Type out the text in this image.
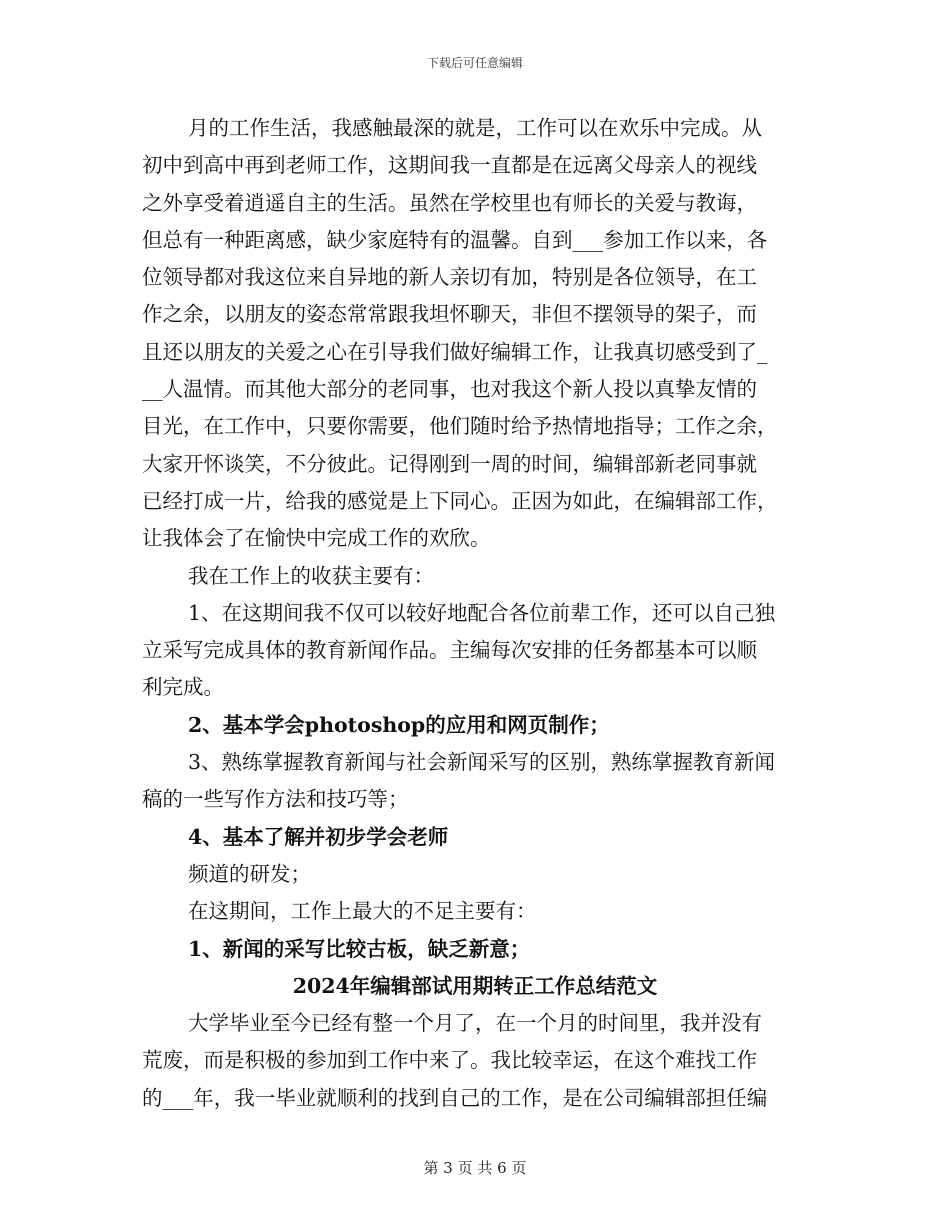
下载后可任意编辑
月的工作生活，我感触最深的就是，工作可以在欢乐中完成。从
初中到高中再到老师工作，这期间我一直都是在远离父母亲人的视线
之外享受着逍遥自主的生活。虽然在学校里也有师长的关爱与教诲，
但总有一种距离感，缺少家庭特有的温馨。自到___参加工作以来，各
位领导都对我这位来自异地的新人亲切有加，特别是各位领导，在工
作之余，以朋友的姿态常常跟我坦怀聊天，非但不摆领导的架子，而
且还以朋友的关爱之心在引导我们做好编辑工作，让我真切感受到了_
__人温情。而其他大部分的老同事，也对我这个新人投以真挚友情的
目光，在工作中，只要你需要，他们随时给予热情地指导；工作之余，
大家开怀谈笑，不分彼此。记得刚到一周的时间，编辑部新老同事就
已经打成一片，给我的感觉是上下同心。正因为如此，在编辑部工作，
让我体会了在愉快中完成工作的欢欣。
我在工作上的收获主要有：
1、在这期间我不仅可以较好地配合各位前辈工作，还可以自己独
立采写完成具体的教育新闻作品。主编每次安排的任务都基本可以顺
利完成。
2、基本学会photoshop的应用和网页制作；
3、熟练掌握教育新闻与社会新闻采写的区别，熟练掌握教育新闻
稿的一些写作方法和技巧等；
4、基本了解并初步学会老师
频道的研发；
在这期间，工作上最大的不足主要有：
1、新闻的采写比较古板，缺乏新意；
2024年编辑部试用期转正工作总结范文
大学毕业至今已经有整一个月了，在一个月的时间里，我并没有
荒废，而是积极的参加到工作中来了。我比较幸运，在这个难找工作
的___年，我一毕业就顺利的找到自己的工作，是在公司编辑部担任编
第 3 页 共 6 页
